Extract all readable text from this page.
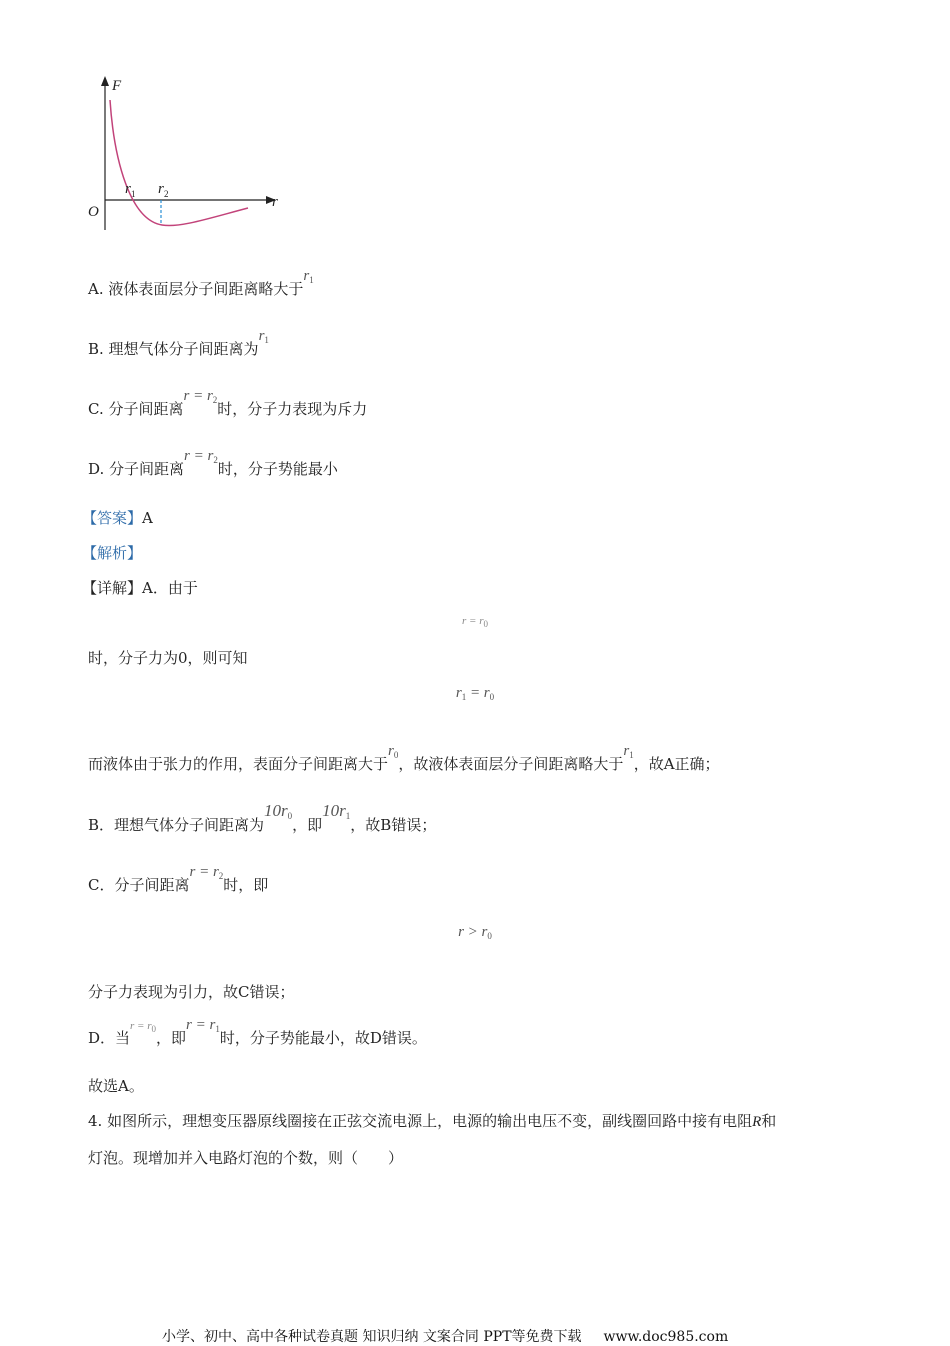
F
r
O
r 1 r 2
A. 液体表面层分子间距离略大于$r_1$
B. 理想气体分子间距离为$r_1$
C. 分子间距离$r = r_2$时，分子力表现为斥力
D. 分子间距离$r = r_2$时，分子势能最小
【答案】A
【解析】
【详解】A．由于
$r = r_0$
时，分子力为0，则可知
$r_1 = r_0$
而液体由于张力的作用，表面分子间距离大于$r_0$，故液体表面层分子间距离略大于$r_1$，故A正确；
B．理想气体分子间距离为$10r_0$，即$10r_1$，故B错误；
C．分子间距离$r = r_2$时，即
$r > r_0$
分子力表现为引力，故C错误；
D．当$^{r = r_0}$，即$r = r_1$时，分子势能最小，故D错误。
故选A。
4. 如图所示，理想变压器原线圈接在正弦交流电源上，电源的输出电压不变，副线圈回路中接有电阻R和
灯泡。现增加并入电路灯泡的个数，则（　　）
小学、初中、高中各种试卷真题 知识归纳 文案合同 PPT等免费下载 www.doc985.com
